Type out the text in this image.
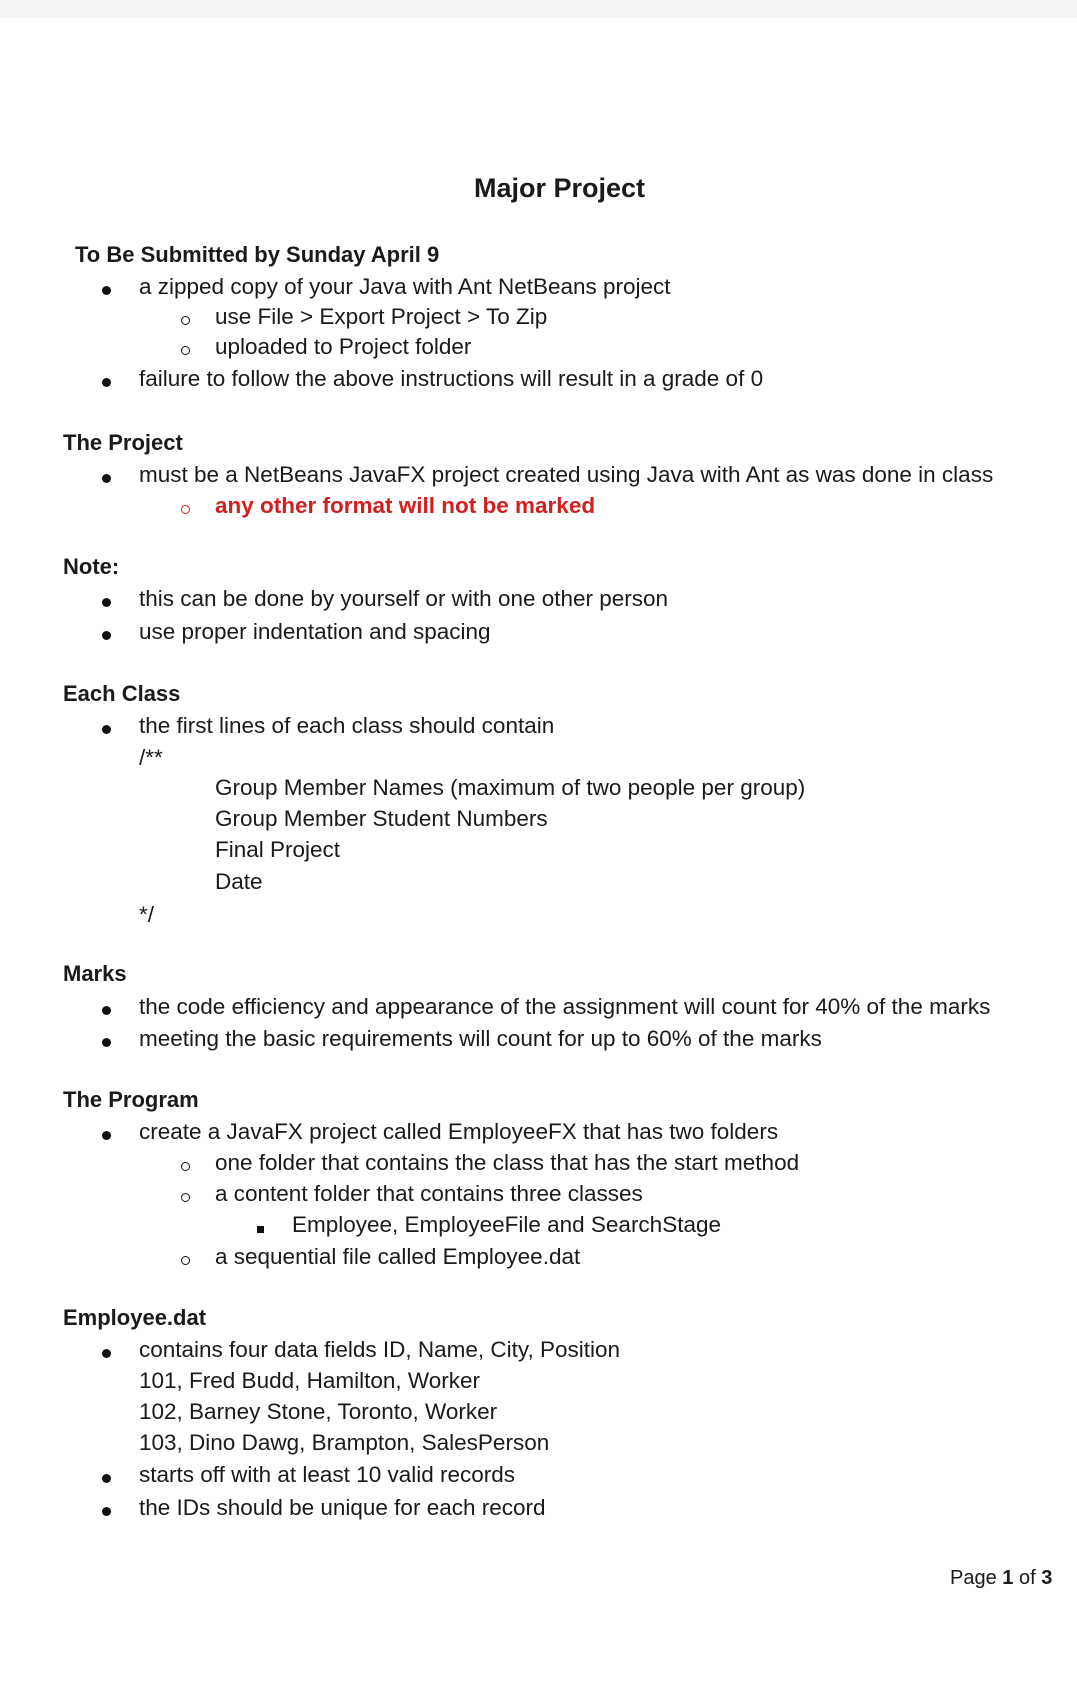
Major Project
To Be Submitted by Sunday April 9
a zipped copy of your Java with Ant NetBeans project
use File > Export Project > To Zip
uploaded to Project folder
failure to follow the above instructions will result in a grade of 0
The Project
must be a NetBeans JavaFX project created using Java with Ant as was done in class
any other format will not be marked
Note:
this can be done by yourself or with one other person
use proper indentation and spacing
Each Class
the first lines of each class should contain
/**
Group Member Names (maximum of two people per group)
Group Member Student Numbers
Final Project
Date
*/
Marks
the code efficiency and appearance of the assignment will count for 40% of the marks
meeting the basic requirements will count for up to 60% of the marks
The Program
create a JavaFX project called EmployeeFX that has two folders
one folder that contains the class that has the start method
a content folder that contains three classes
Employee, EmployeeFile and SearchStage
a sequential file called Employee.dat
Employee.dat
contains four data fields ID, Name, City, Position
101, Fred Budd, Hamilton, Worker
102, Barney Stone, Toronto, Worker
103, Dino Dawg, Brampton, SalesPerson
starts off with at least 10 valid records
the IDs should be unique for each record
Page 1 of 3
